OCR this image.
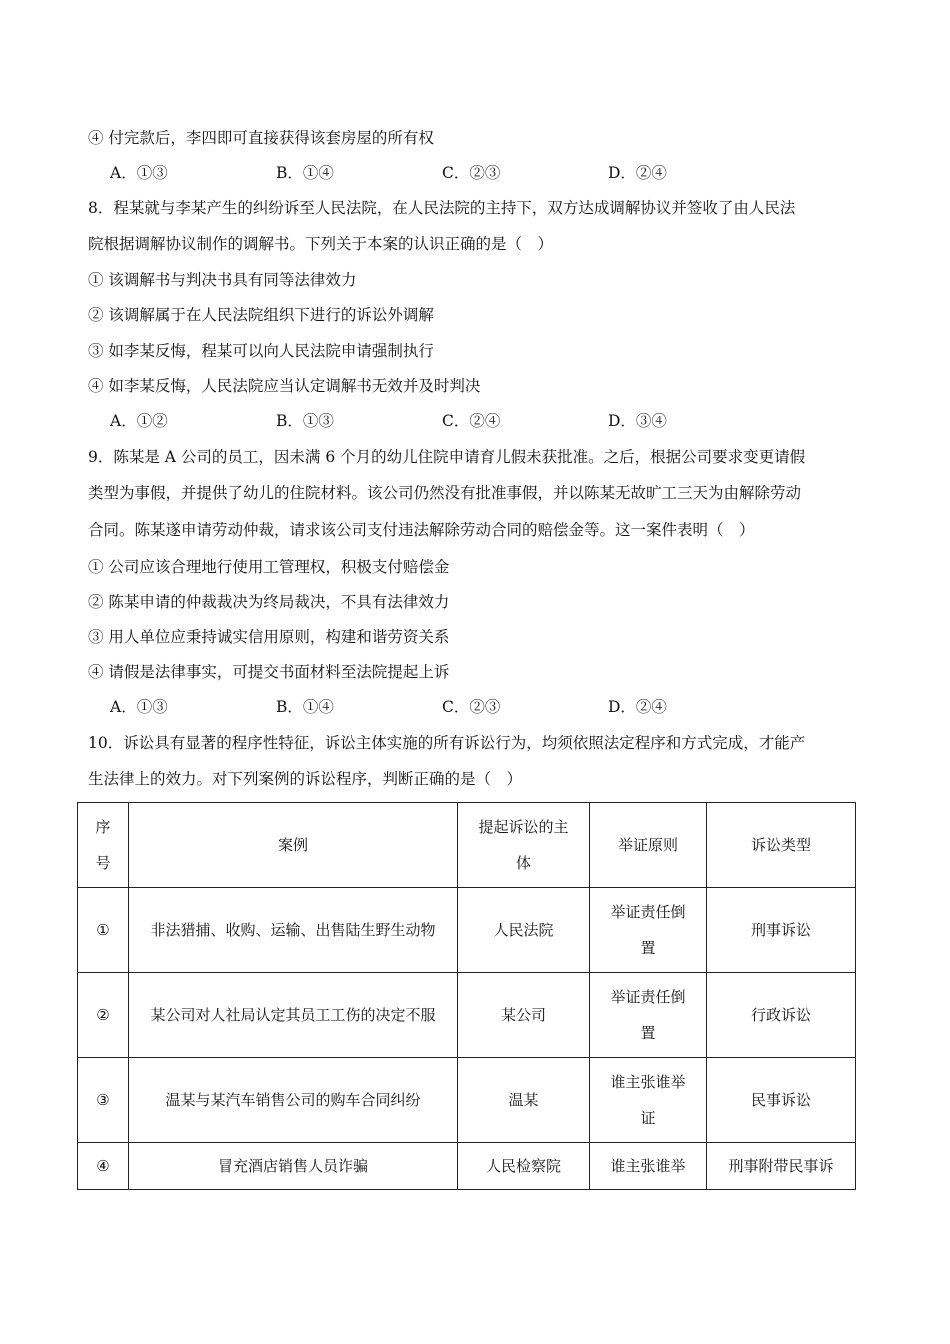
④ 付完款后，李四即可直接获得该套房屋的所有权
A．①③	B．①④	C．②③	D．②④
8．程某就与李某产生的纠纷诉至人民法院，在人民法院的主持下，双方达成调解协议并签收了由人民法
院根据调解协议制作的调解书。下列关于本案的认识正确的是（　）
① 该调解书与判决书具有同等法律效力
② 该调解属于在人民法院组织下进行的诉讼外调解
③ 如李某反悔，程某可以向人民法院申请强制执行
④ 如李某反悔，人民法院应当认定调解书无效并及时判决
A．①②	B．①③	C．②④	D．③④
9．陈某是 A 公司的员工，因未满 6 个月的幼儿住院申请育儿假未获批准。之后，根据公司要求变更请假
类型为事假，并提供了幼儿的住院材料。该公司仍然没有批准事假，并以陈某无故旷工三天为由解除劳动
合同。陈某遂申请劳动仲裁，请求该公司支付违法解除劳动合同的赔偿金等。这一案件表明（　）
① 公司应该合理地行使用工管理权，积极支付赔偿金
② 陈某申请的仲裁裁决为终局裁决，不具有法律效力
③ 用人单位应秉持诚实信用原则，构建和谐劳资关系
④ 请假是法律事实，可提交书面材料至法院提起上诉
A．①③	B．①④	C．②③	D．②④
10．诉讼具有显著的程序性特征，诉讼主体实施的所有诉讼行为，均须依照法定程序和方式完成，才能产
生法律上的效力。对下列案例的诉讼程序，判断正确的是（　）
序号	案例	提起诉讼的主体	举证原则	诉讼类型
①	非法猎捕、收购、运输、出售陆生野生动物	人民法院	举证责任倒置	刑事诉讼
②	某公司对人社局认定其员工工伤的决定不服	某公司	举证责任倒置	行政诉讼
③	温某与某汽车销售公司的购车合同纠纷	温某	谁主张谁举证	民事诉讼
④	冒充酒店销售人员诈骗	人民检察院	谁主张谁举	刑事附带民事诉
